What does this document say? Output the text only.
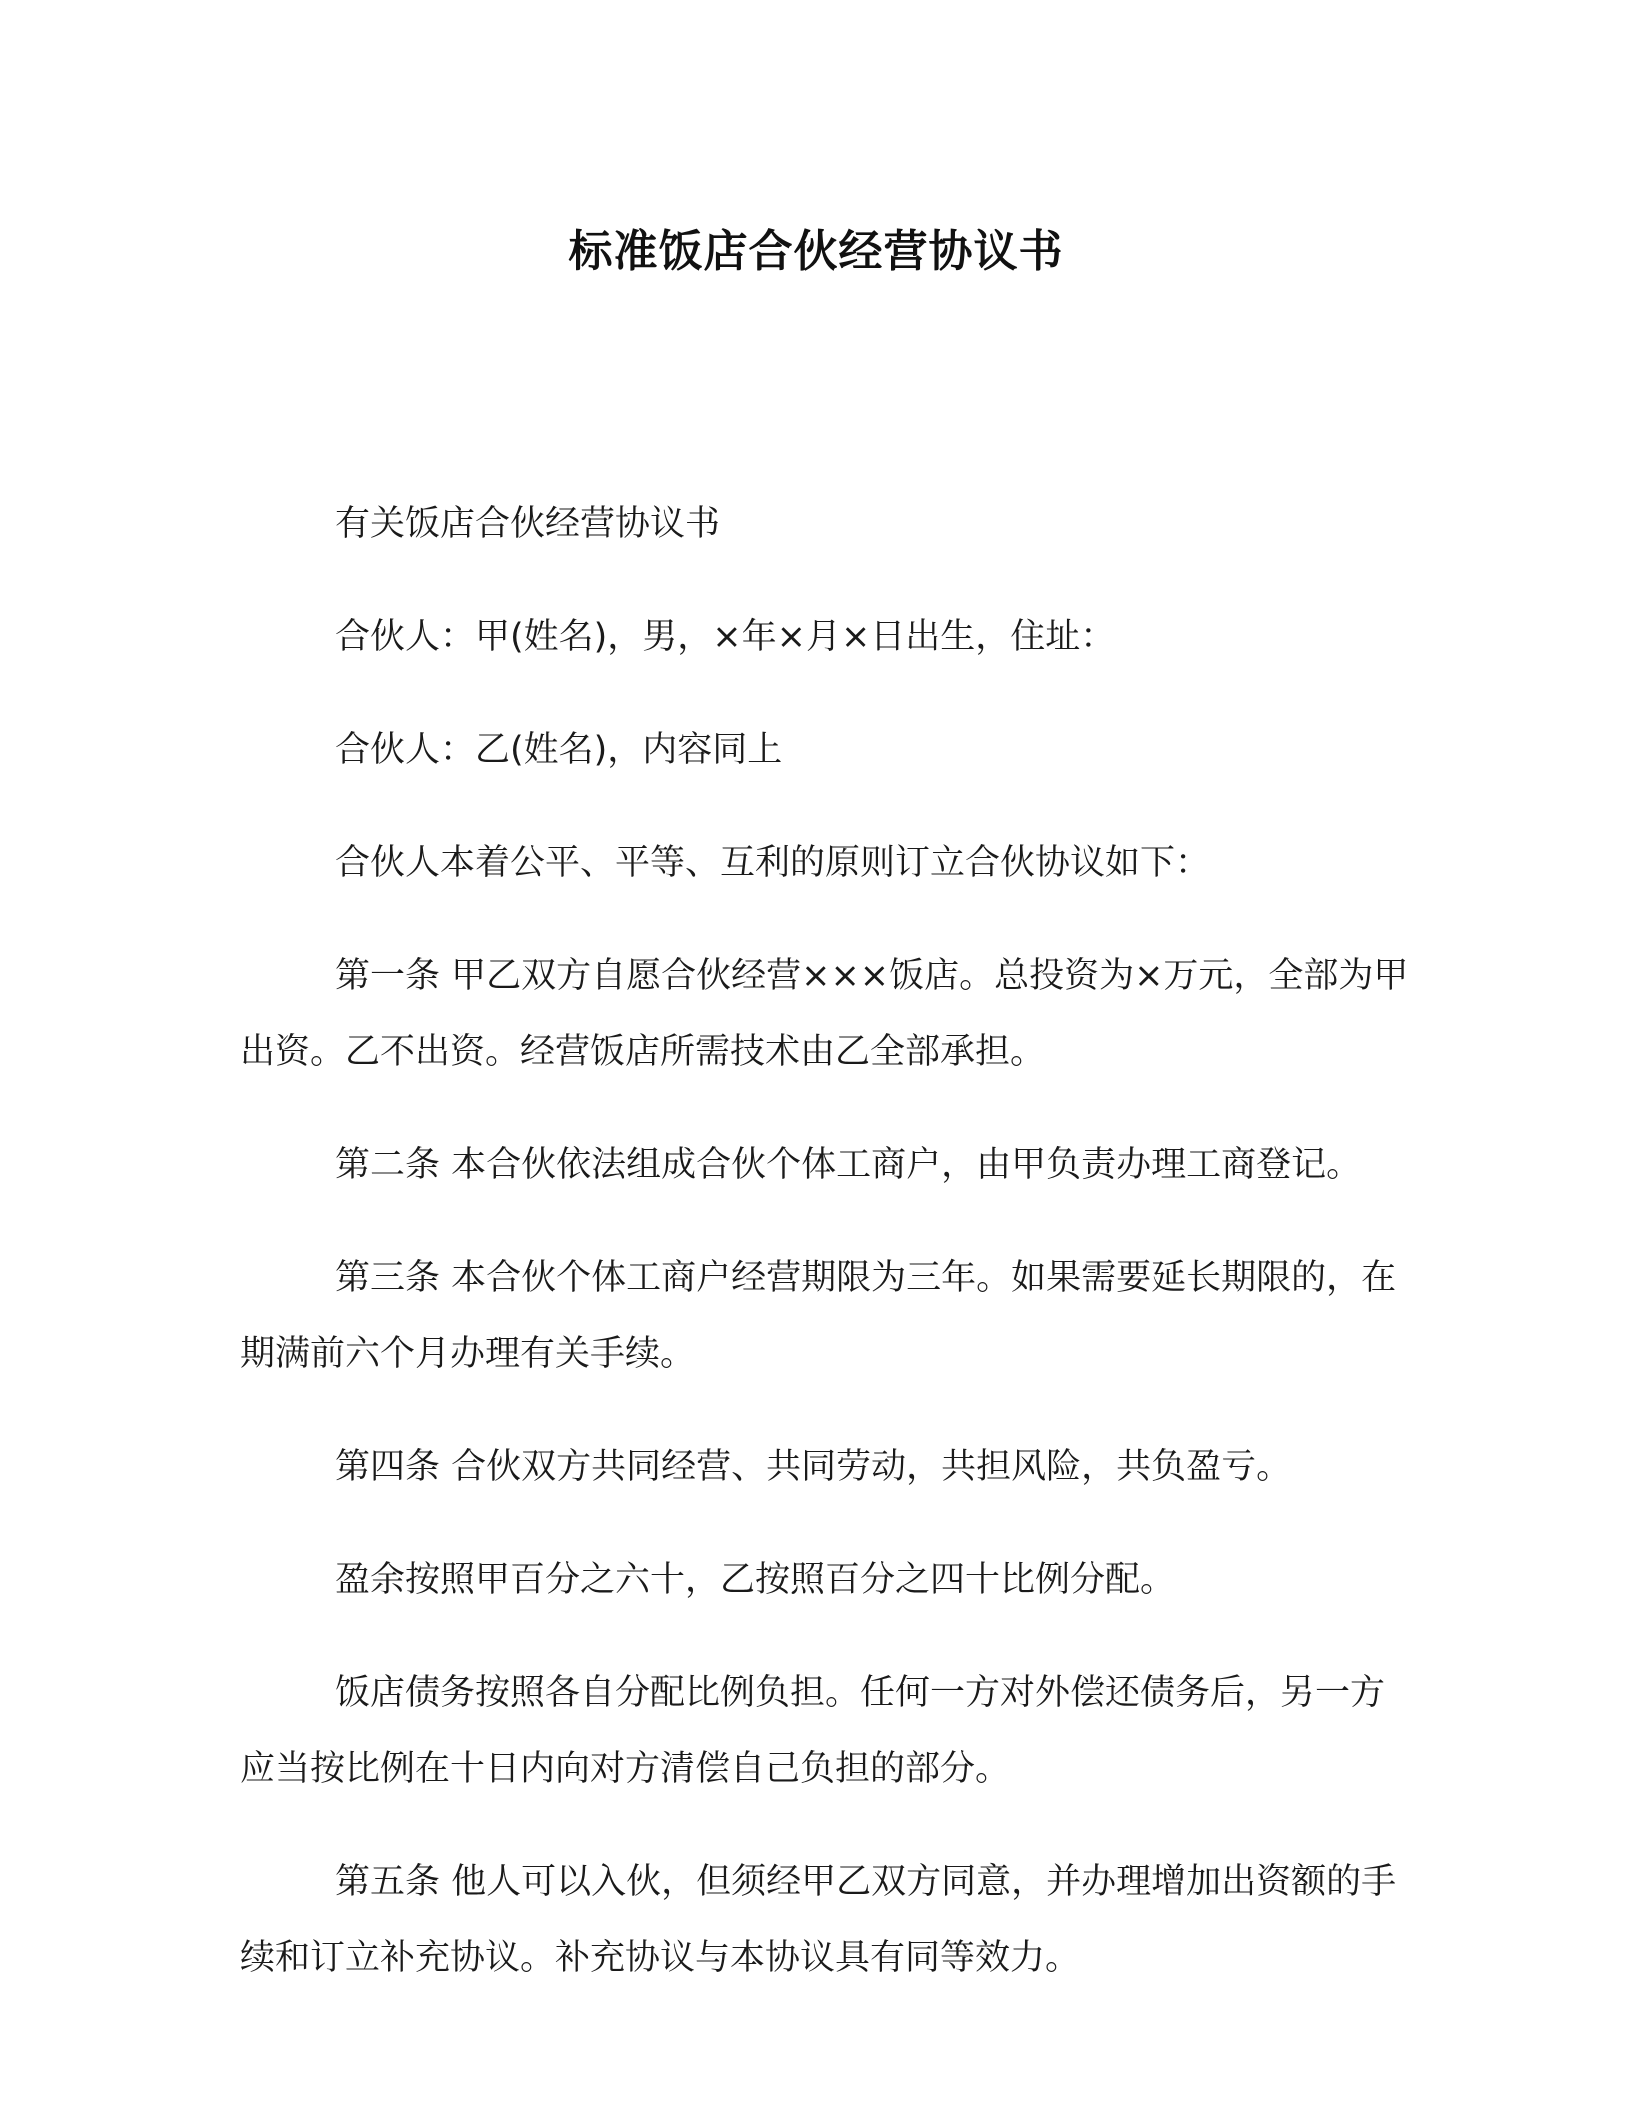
标准饭店合伙经营协议书

有关饭店合伙经营协议书

合伙人：甲(姓名)，男，×年×月×日出生，住址：

合伙人：乙(姓名)，内容同上

合伙人本着公平、平等、互利的原则订立合伙协议如下：

第一条 甲乙双方自愿合伙经营×××饭店。总投资为×万元，全部为甲出资。乙不出资。经营饭店所需技术由乙全部承担。

第二条 本合伙依法组成合伙个体工商户，由甲负责办理工商登记。

第三条 本合伙个体工商户经营期限为三年。如果需要延长期限的，在期满前六个月办理有关手续。

第四条 合伙双方共同经营、共同劳动，共担风险，共负盈亏。

盈余按照甲百分之六十，乙按照百分之四十比例分配。

饭店债务按照各自分配比例负担。任何一方对外偿还债务后，另一方应当按比例在十日内向对方清偿自己负担的部分。

第五条 他人可以入伙，但须经甲乙双方同意，并办理增加出资额的手续和订立补充协议。补充协议与本协议具有同等效力。
